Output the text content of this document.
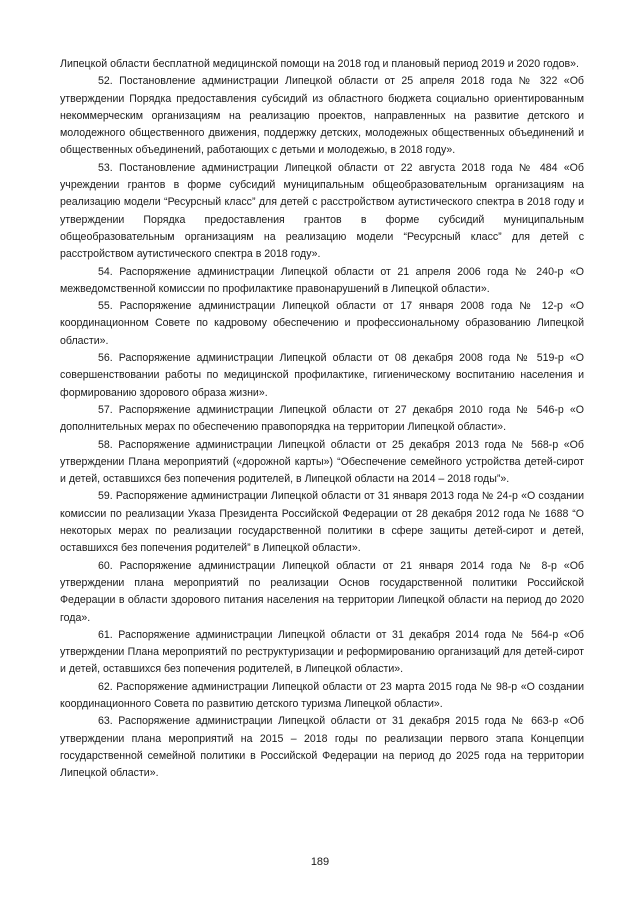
Липецкой области бесплатной медицинской помощи на 2018 год и плановый период 2019 и 2020 годов».

52. Постановление администрации Липецкой области от 25 апреля 2018 года № 322 «Об утверждении Порядка предоставления субсидий из областного бюджета социально ориентированным некоммерческим организациям на реализацию проектов, направленных на развитие детского и молодежного общественного движения, поддержку детских, молодежных общественных объединений и общественных объединений, работающих с детьми и молодежью, в 2018 году».

53. Постановление администрации Липецкой области от 22 августа 2018 года № 484 «Об учреждении грантов в форме субсидий муниципальным общеобразовательным организациям на реализацию модели “Ресурсный класс” для детей с расстройством аутистического спектра в 2018 году и утверждении Порядка предоставления грантов в форме субсидий муниципальным общеобразовательным организациям на реализацию модели “Ресурсный класс” для детей с расстройством аутистического спектра в 2018 году».

54. Распоряжение администрации Липецкой области от 21 апреля 2006 года № 240-р «О межведомственной комиссии по профилактике правонарушений в Липецкой области».

55. Распоряжение администрации Липецкой области от 17 января 2008 года № 12-р «О координационном Совете по кадровому обеспечению и профессиональному образованию Липецкой области».

56. Распоряжение администрации Липецкой области от 08 декабря 2008 года № 519-р «О совершенствовании работы по медицинской профилактике, гигиеническому воспитанию населения и формированию здорового образа жизни».

57. Распоряжение администрации Липецкой области от 27 декабря 2010 года № 546-р «О дополнительных мерах по обеспечению правопорядка на территории Липецкой области».

58. Распоряжение администрации Липецкой области от 25 декабря 2013 года № 568-р «Об утверждении Плана мероприятий («дорожной карты») “Обеспечение семейного устройства детей-сирот и детей, оставшихся без попечения родителей, в Липецкой области на 2014 – 2018 годы”».

59. Распоряжение администрации Липецкой области от 31 января 2013 года № 24-р «О создании комиссии по реализации Указа Президента Российской Федерации от 28 декабря 2012 года № 1688 “О некоторых мерах по реализации государственной политики в сфере защиты детей-сирот и детей, оставшихся без попечения родителей” в Липецкой области».

60. Распоряжение администрации Липецкой области от 21 января 2014 года № 8-р «Об утверждении плана мероприятий по реализации Основ государственной политики Российской Федерации в области здорового питания населения на территории Липецкой области на период до 2020 года».

61. Распоряжение администрации Липецкой области от 31 декабря 2014 года № 564-р «Об утверждении Плана мероприятий по реструктуризации и реформированию организаций для детей-сирот и детей, оставшихся без попечения родителей, в Липецкой области».

62. Распоряжение администрации Липецкой области от 23 марта 2015 года № 98-р «О создании координационного Совета по развитию детского туризма Липецкой области».

63. Распоряжение администрации Липецкой области от 31 декабря 2015 года № 663-р «Об утверждении плана мероприятий на 2015 – 2018 годы по реализации первого этапа Концепции государственной семейной политики в Российской Федерации на период до 2025 года на территории Липецкой области».

189
